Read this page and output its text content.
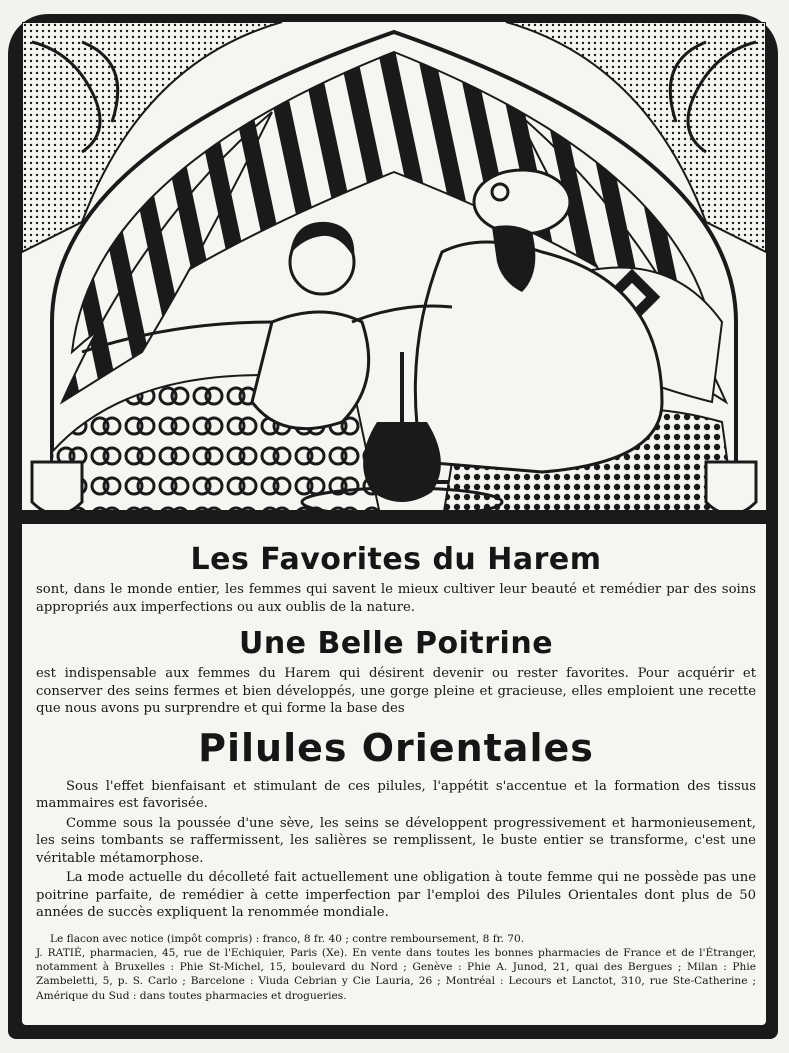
Les Favorites du Harem

sont, dans le monde entier, les femmes qui savent le mieux cultiver leur beauté et remédier par des soins appropriés aux imperfections ou aux oublis de la nature.

Une Belle Poitrine

est indispensable aux femmes du Harem qui désirent devenir ou rester favorites. Pour acquérir et conserver des seins fermes et bien développés, une gorge pleine et gracieuse, elles emploient une recette que nous avons pu surprendre et qui forme la base des

Pilules Orientales

Sous l'effet bienfaisant et stimulant de ces pilules, l'appétit s'accentue et la formation des tissus mammaires est favorisée.

Comme sous la poussée d'une sève, les seins se développent progressivement et harmonieusement, les seins tombants se raffermissent, les salières se remplissent, le buste entier se transforme, c'est une véritable métamorphose.

La mode actuelle du décolleté fait actuellement une obligation à toute femme qui ne possède pas une poitrine parfaite, de remédier à cette imperfection par l'emploi des Pilules Orientales dont plus de 50 années de succès expliquent la renommée mondiale.

Le flacon avec notice (impôt compris) : franco, 8 fr. 40 ; contre remboursement, 8 fr. 70.
J. RATIÉ, pharmacien, 45, rue de l'Echiquier, Paris (Xe). En vente dans toutes les bonnes pharmacies de France et de l'Étranger, notamment à Bruxelles : Phie St-Michel, 15, boulevard du Nord ; Genève : Phie A. Junod, 21, quai des Bergues ; Milan : Phie Zambeletti, 5, p. S. Carlo ; Barcelone : Viuda Cebrian y Cie Lauria, 26 ; Montréal : Lecours et Lanctot, 310, rue Ste-Catherine ; Amérique du Sud : dans toutes pharmacies et drogueries.
